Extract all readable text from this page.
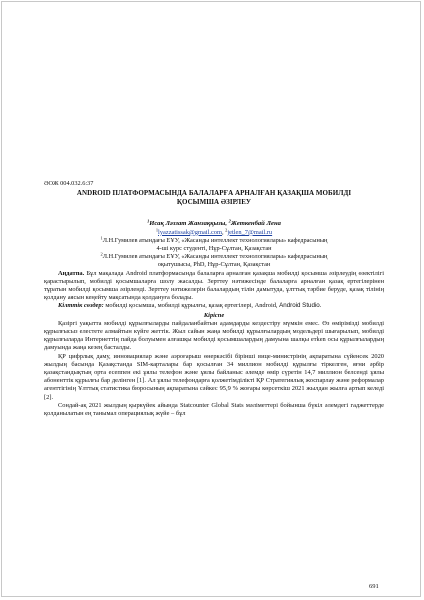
ӘОЖ 004.032.6:37

ANDROID ПЛАТФОРМАСЫНДА БАЛАЛАРҒА АРНАЛҒАН ҚАЗАҚША МОБИЛДІ
ҚОСЫМША ӘЗІРЛЕУ
$^1$Исақ Ләззат Жанзаққызы, $^2$Жеткенбай Лена
$^1$lyazzatissak@gmail.com, $^2$jetlen_7@mail.ru
$^1$Л.Н.Гумилев атындағы ЕҰУ, «Жасанды интеллект технологиялары» кафедрасының
4-ші курс студенті, Нұр-Сұлтан, Қазақстан
$^2$Л.Н.Гумилев атындағы ЕҰУ, «Жасанды интеллект технологиялары» кафедрасының
оқытушысы, PhD, Нұр-Сұлтан, Қазақстан

Аңдатпа. Бұл мақалада Android платформасында балаларға арналған қазақша мобилді қосымша әзірлеудің өзектілігі қарастырылып, мобилді қосымшаларға шолу жасалды. Зерттеу нәтижесінде балаларға арналған қазақ ертегілерінен тұратын мобилді қосымша әзірленді. Зерттеу нәтижелерін балалардың тілін дамытуда, ұлттық тәрбие беруде, қазақ тілінің қолдану аясын кеңейту мақсатында қолдануға болады.

Кілттік сөздер: мобилді қосымша, мобилді құрылғы, қазақ ертегілері, Android, Android Studio.

Кіріспе

Қазіргі уақытта мобилді құрылғыларды пайдаланбайтын адамдарды кездестіру мүмкін емес. Өз өміріміздi мобилді құрылғысыз елестете алмайтын күйге жеттік. Жыл сайын жаңа мобилді құрылғылардың модельдері шығарылып, мобилді құрылғыларда Интернеттің пайда болуымен алғашқы мобилді қосымшалардың дамуына шалқы етken осы құрылғылардың дамуында жаңа кезең басталды.

ҚР цифрлық даму, инновациялар және аэроғарыш өнеркәсібі бірінші вице-министрінің ақпаратына сүйенсек 2020 жылдың басында Қазақстанда SIM-карталары бар қосылған 34 миллион мобилді құрылғы тіркелген, яғни әрбір қазақстандықтың орта есеппен екі ұялы телефон және ұялы байланыс әлемде өмір сүретін 14,7 миллион белсенді ұялы абоненттік құрылғы бар делінген [1]. Ал ұялы телефондарға қолжетімділікті ҚР Стратегиялық жоспарлау және реформалар агенттігінің Ұлттық статистика бюросының ақпаратына сәйкес 95,9 % жоғары көрсеткіш 2021 жылдан жылға артып келеді [2].

Сондай-ақ 2021 жылдың қыркүйек айында Statcounter Global Stats мәліметтері бойынша бүкіл әлемдегі гаджеттерде қолданылатын ең танымал операциялық жүйе – бұл

691
